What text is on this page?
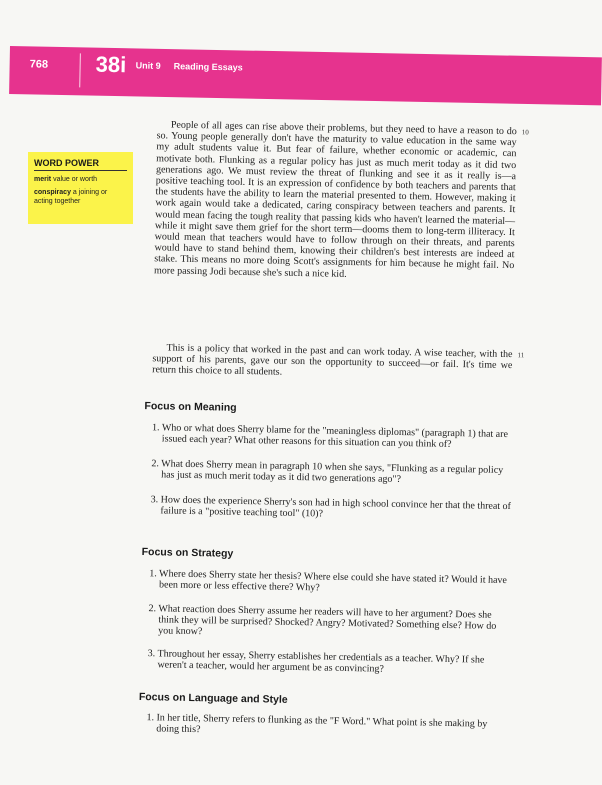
768 38i Unit 9 Reading Essays
WORD POWER
merit value or worth
conspiracy a joining or acting together
People of all ages can rise above their problems, but they need to have a reason to do so. Young people generally don't have the maturity to value education in the same way my adult students value it. But fear of failure, whether economic or academic, can motivate both. Flunking as a regular policy has just as much merit today as it did two generations ago. We must review the threat of flunking and see it as it really is—a positive teaching tool. It is an expression of confidence by both teachers and parents that the students have the ability to learn the material presented to them. However, making it work again would take a dedicated, caring conspiracy between teachers and parents. It would mean facing the tough reality that passing kids who haven't learned the material—while it might save them grief for the short term—dooms them to long-term illiteracy. It would mean that teachers would have to follow through on their threats, and parents would have to stand behind them, knowing their children's best interests are indeed at stake. This means no more doing Scott's assignments for him because he might fail. No more passing Jodi because she's such a nice kid.
10
This is a policy that worked in the past and can work today. A wise teacher, with the support of his parents, gave our son the opportunity to succeed—or fail. It's time we return this choice to all students.
11
Focus on Meaning
1. Who or what does Sherry blame for the "meaningless diplomas" (paragraph 1) that are issued each year? What other reasons for this situation can you think of?
2. What does Sherry mean in paragraph 10 when she says, "Flunking as a regular policy has just as much merit today as it did two generations ago"?
3. How does the experience Sherry's son had in high school convince her that the threat of failure is a "positive teaching tool" (10)?
Focus on Strategy
1. Where does Sherry state her thesis? Where else could she have stated it? Would it have been more or less effective there? Why?
2. What reaction does Sherry assume her readers will have to her argument? Does she think they will be surprised? Shocked? Angry? Motivated? Something else? How do you know?
3. Throughout her essay, Sherry establishes her credentials as a teacher. Why? If she weren't a teacher, would her argument be as convincing?
Focus on Language and Style
1. In her title, Sherry refers to flunking as the "F Word." What point is she making by doing this?
